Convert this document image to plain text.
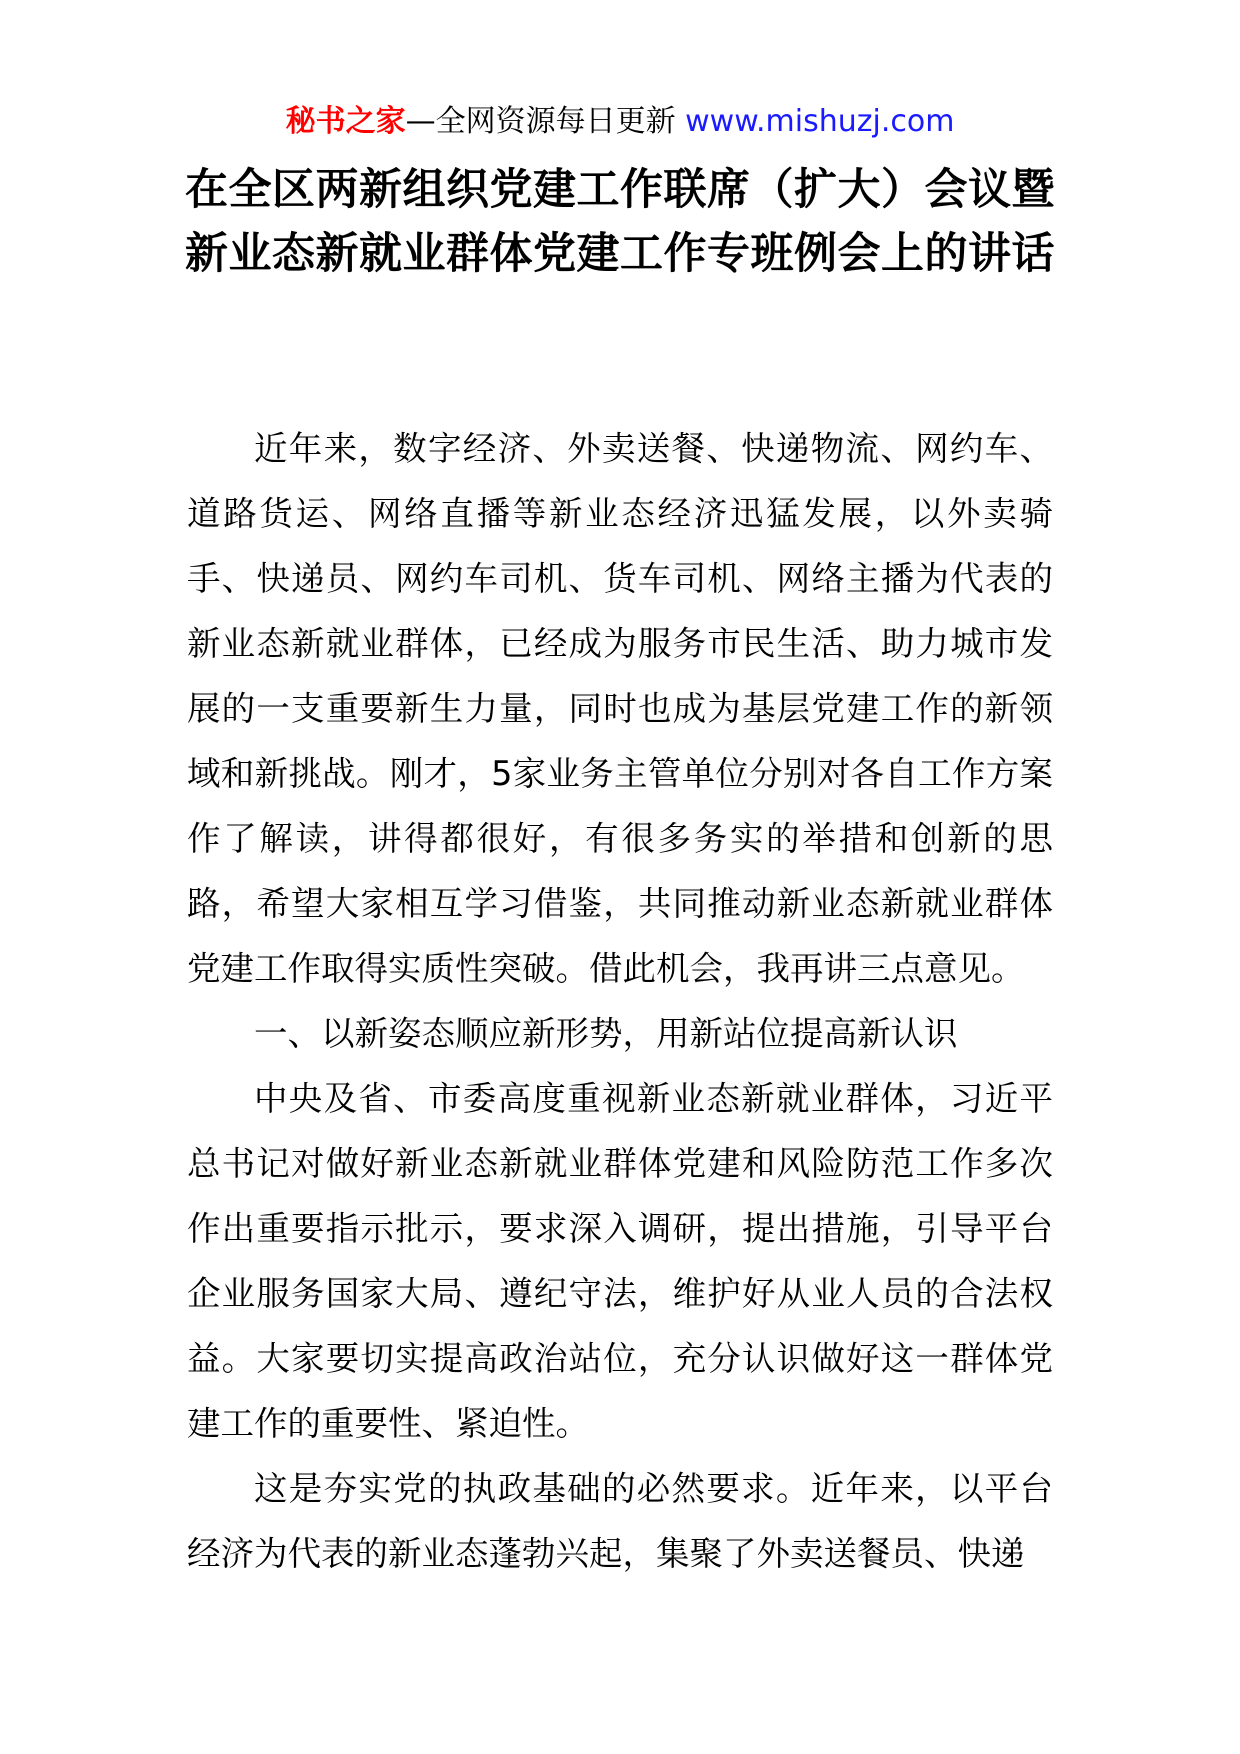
秘书之家—全网资源每日更新 www.mishuzj.com
在全区两新组织党建工作联席（扩大）会议暨新业态新就业群体党建工作专班例会上的讲话

近年来，数字经济、外卖送餐、快递物流、网约车、道路货运、网络直播等新业态经济迅猛发展，以外卖骑手、快递员、网约车司机、货车司机、网络主播为代表的新业态新就业群体，已经成为服务市民生活、助力城市发展的一支重要新生力量，同时也成为基层党建工作的新领域和新挑战。刚才，5家业务主管单位分别对各自工作方案作了解读，讲得都很好，有很多务实的举措和创新的思路，希望大家相互学习借鉴，共同推动新业态新就业群体党建工作取得实质性突破。借此机会，我再讲三点意见。

一、以新姿态顺应新形势，用新站位提高新认识

中央及省、市委高度重视新业态新就业群体，习近平总书记对做好新业态新就业群体党建和风险防范工作多次作出重要指示批示，要求深入调研，提出措施，引导平台企业服务国家大局、遵纪守法，维护好从业人员的合法权益。大家要切实提高政治站位，充分认识做好这一群体党建工作的重要性、紧迫性。

这是夯实党的执政基础的必然要求。近年来，以平台经济为代表的新业态蓬勃兴起，集聚了外卖送餐员、快递
